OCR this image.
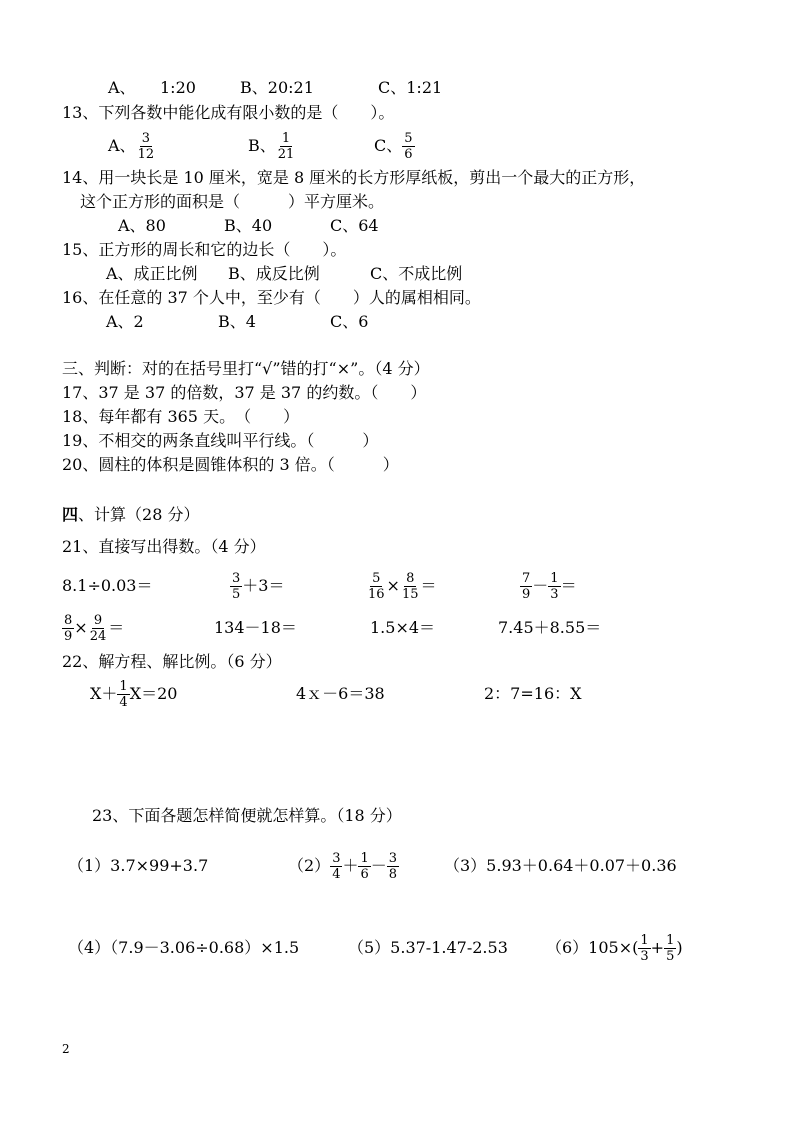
A、 1:20	B、20:21	C、1:21
13、下列各数中能化成有限小数的是（　　）。
A、 $\frac{3}{12}$	B、 $\frac{1}{21}$	C、 $\frac{5}{6}$
14、用一块长是 10 厘米，宽是 8 厘米的长方形厚纸板，剪出一个最大的正方形，
这个正方形的面积是（　　　）平方厘米。
A、80	B、40	C、64
15、正方形的周长和它的边长（　　）。
A、成正比例 B、成反比例	C、不成比例
16、在任意的 37 个人中，至少有（　　）人的属相相同。
A、2	B、4	C、6
三、判断：对的在括号里打“√”错的打“×”。（4 分）
17、37 是 37 的倍数，37 是 37 的约数。（　　）
18、每年都有 365 天。　（　　）
19、不相交的两条直线叫平行线。（　　　）
20、圆柱的体积是圆锥体积的 3 倍。（　　　）
四、计算（28 分）
21、直接写出得数。（4 分）
8.1÷0.03＝	$\frac{3}{5} +3=$	$\frac{5}{16} \times \frac{8}{15}$ ＝	$\frac{7}{9} - \frac{1}{3}$ ＝
$\frac{8}{9} \times \frac{9}{24}$ ＝	134－18＝	1.5×4＝	7.45＋8.55＝
22、解方程、解比例。（6 分）
$X+ \frac{1}{4} X=20$	4ｘ－6＝38	2：7=16：X
23、下面各题怎样简便就怎样算。（18 分）
（1）3.7×99+3.7	$(2) \frac{3}{4} + \frac{1}{6} - \frac{3}{8}$	（3）5.93＋0.64＋0.07＋0.36
（4）（7.9－3.06÷0.68）×1.5	（5）5.37-1.47-2.53 $(6)105\times( \frac{1}{3} + \frac{1}{5}$ )
2
